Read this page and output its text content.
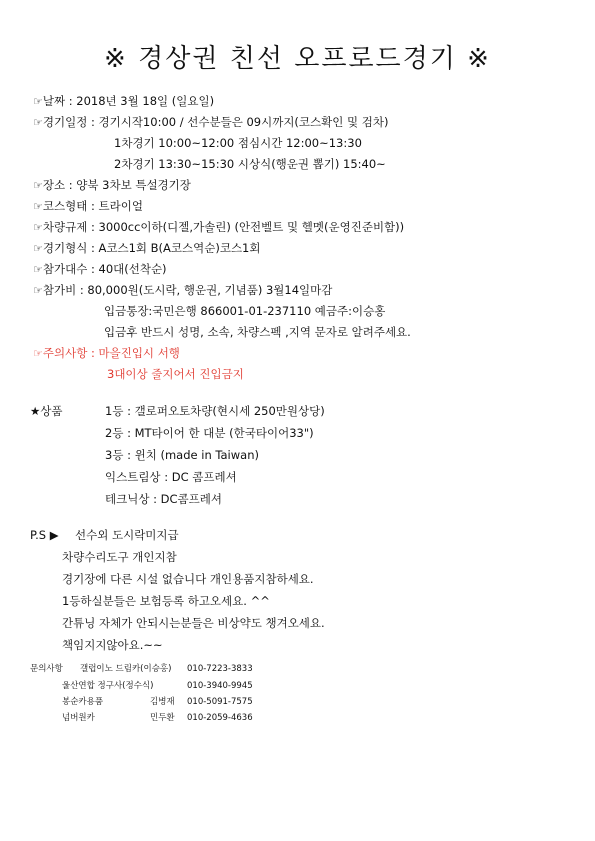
※ 경상권 친선 오프로드경기 ※
☞날짜 : 2018년 3월 18일 (일요일)
☞경기일정 : 경기시작10:00 / 선수분들은 09시까지(코스확인 및 검차)
1차경기 10:00~12:00 점심시간 12:00~13:30
2차경기 13:30~15:30 시상식(행운권 뽑기) 15:40~
☞장소 : 양북 3차보 특설경기장
☞코스형태 : 트라이얼
☞차량규제 : 3000cc이하(디젤,가솔린) (안전벨트 및 헬멧(운영진준비함))
☞경기형식 : A코스1회 B(A코스역순)코스1회
☞참가대수 : 40대(선착순)
☞참가비 : 80,000원(도시락, 행운권, 기념품) 3월14일마감
입금통장:국민은행 866001-01-237110 예금주:이승홍
입금후 반드시 성명, 소속, 차량스펙 ,지역 문자로 알려주세요.
☞주의사항 : 마을진입시 서행
3대이상 줄지어서 진입금지
★상품	1등 : 갤로퍼오토차량(현시세 250만원상당)
2등 : MT타이어 한 대분 (한국타이어33")
3등 : 윈치 (made in Taiwan)
익스트림상 : DC 콤프레셔
테크닉상 : DC콤프레셔
P.S ▶ 선수외 도시락미지급
차량수리도구 개인지참
경기장에 다른 시설 없습니다 개인용품지참하세요.
1등하실분들은 보험등록 하고오세요. ^^
간튜닝 자체가 안되시는분들은 비상약도 챙겨오세요.
책임지지않아요.~~
문의사항 갤럽이노 드림카(이승홍) 010-7223-3833
울산연합 정구사(정수식)	010-3940-9945
봉순카용품	김병재 010-5091-7575
넘버원카	민두환 010-2059-4636
